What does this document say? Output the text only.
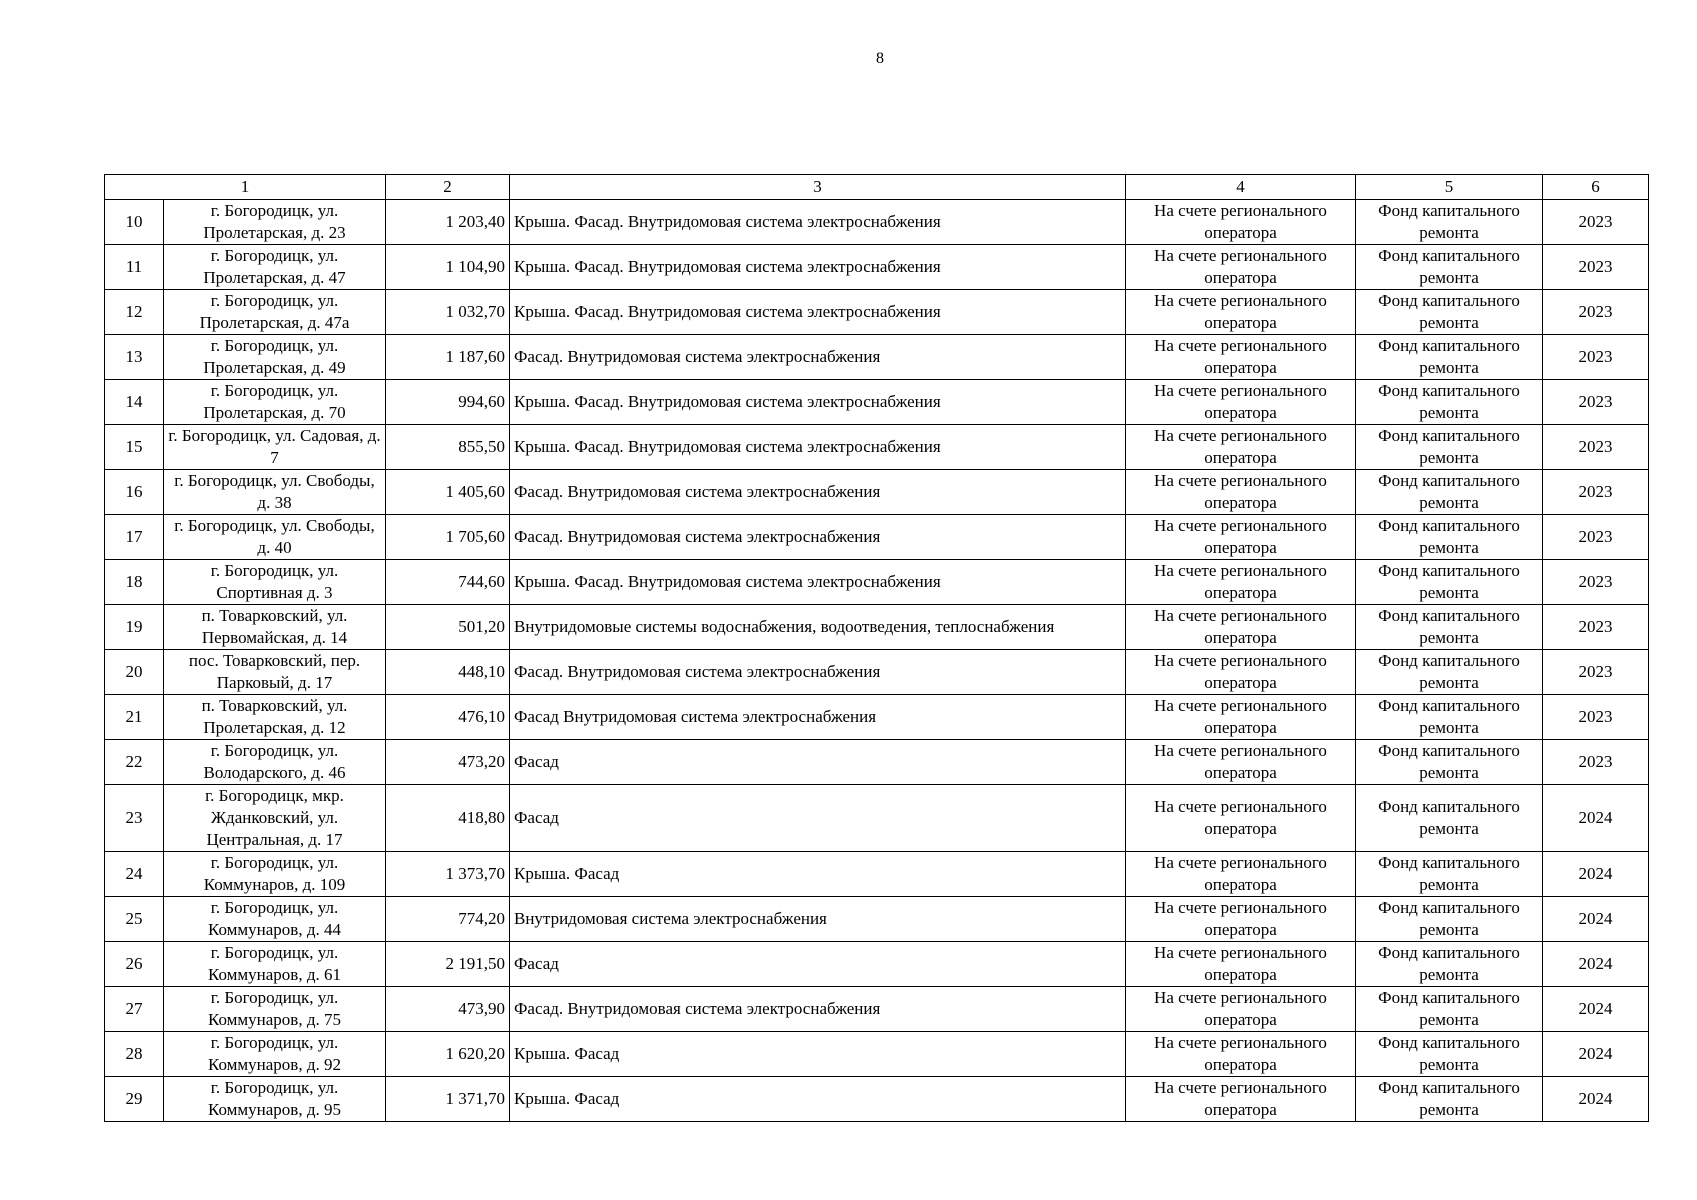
8
1		2	3	4	5	6
10	г. Богородицк, ул. Пролетарская, д. 23	1 203,40	Крыша. Фасад. Внутридомовая система электроснабжения	На счете регионального оператора	Фонд капитального ремонта	2023
11	г. Богородицк, ул. Пролетарская, д. 47	1 104,90	Крыша. Фасад. Внутридомовая система электроснабжения	На счете регионального оператора	Фонд капитального ремонта	2023
12	г. Богородицк, ул. Пролетарская, д. 47а	1 032,70	Крыша. Фасад. Внутридомовая система электроснабжения	На счете регионального оператора	Фонд капитального ремонта	2023
13	г. Богородицк, ул. Пролетарская, д. 49	1 187,60	Фасад. Внутридомовая система электроснабжения	На счете регионального оператора	Фонд капитального ремонта	2023
14	г. Богородицк, ул. Пролетарская, д. 70	994,60	Крыша. Фасад. Внутридомовая система электроснабжения	На счете регионального оператора	Фонд капитального ремонта	2023
15	г. Богородицк, ул. Садовая, д. 7	855,50	Крыша. Фасад. Внутридомовая система электроснабжения	На счете регионального оператора	Фонд капитального ремонта	2023
16	г. Богородицк, ул. Свободы, д. 38	1 405,60	Фасад. Внутридомовая система электроснабжения	На счете регионального оператора	Фонд капитального ремонта	2023
17	г. Богородицк, ул. Свободы, д. 40	1 705,60	Фасад. Внутридомовая система электроснабжения	На счете регионального оператора	Фонд капитального ремонта	2023
18	г. Богородицк, ул. Спортивная д. 3	744,60	Крыша. Фасад. Внутридомовая система электроснабжения	На счете регионального оператора	Фонд капитального ремонта	2023
19	п. Товарковский, ул. Первомайская, д. 14	501,20	Внутридомовые системы водоснабжения, водоотведения, теплоснабжения	На счете регионального оператора	Фонд капитального ремонта	2023
20	пос. Товарковский, пер. Парковый, д. 17	448,10	Фасад. Внутридомовая система электроснабжения	На счете регионального оператора	Фонд капитального ремонта	2023
21	п. Товарковский, ул. Пролетарская, д. 12	476,10	Фасад Внутридомовая система электроснабжения	На счете регионального оператора	Фонд капитального ремонта	2023
22	г. Богородицк, ул. Володарского, д. 46	473,20	Фасад	На счете регионального оператора	Фонд капитального ремонта	2023
23	г. Богородицк, мкр. Жданковский, ул. Центральная, д. 17	418,80	Фасад	На счете регионального оператора	Фонд капитального ремонта	2024
24	г. Богородицк, ул. Коммунаров, д. 109	1 373,70	Крыша. Фасад	На счете регионального оператора	Фонд капитального ремонта	2024
25	г. Богородицк, ул. Коммунаров, д. 44	774,20	Внутридомовая система электроснабжения	На счете регионального оператора	Фонд капитального ремонта	2024
26	г. Богородицк, ул. Коммунаров, д. 61	2 191,50	Фасад	На счете регионального оператора	Фонд капитального ремонта	2024
27	г. Богородицк, ул. Коммунаров, д. 75	473,90	Фасад. Внутридомовая система электроснабжения	На счете регионального оператора	Фонд капитального ремонта	2024
28	г. Богородицк, ул. Коммунаров, д. 92	1 620,20	Крыша. Фасад	На счете регионального оператора	Фонд капитального ремонта	2024
29	г. Богородицк, ул. Коммунаров, д. 95	1 371,70	Крыша. Фасад	На счете регионального оператора	Фонд капитального ремонта	2024
